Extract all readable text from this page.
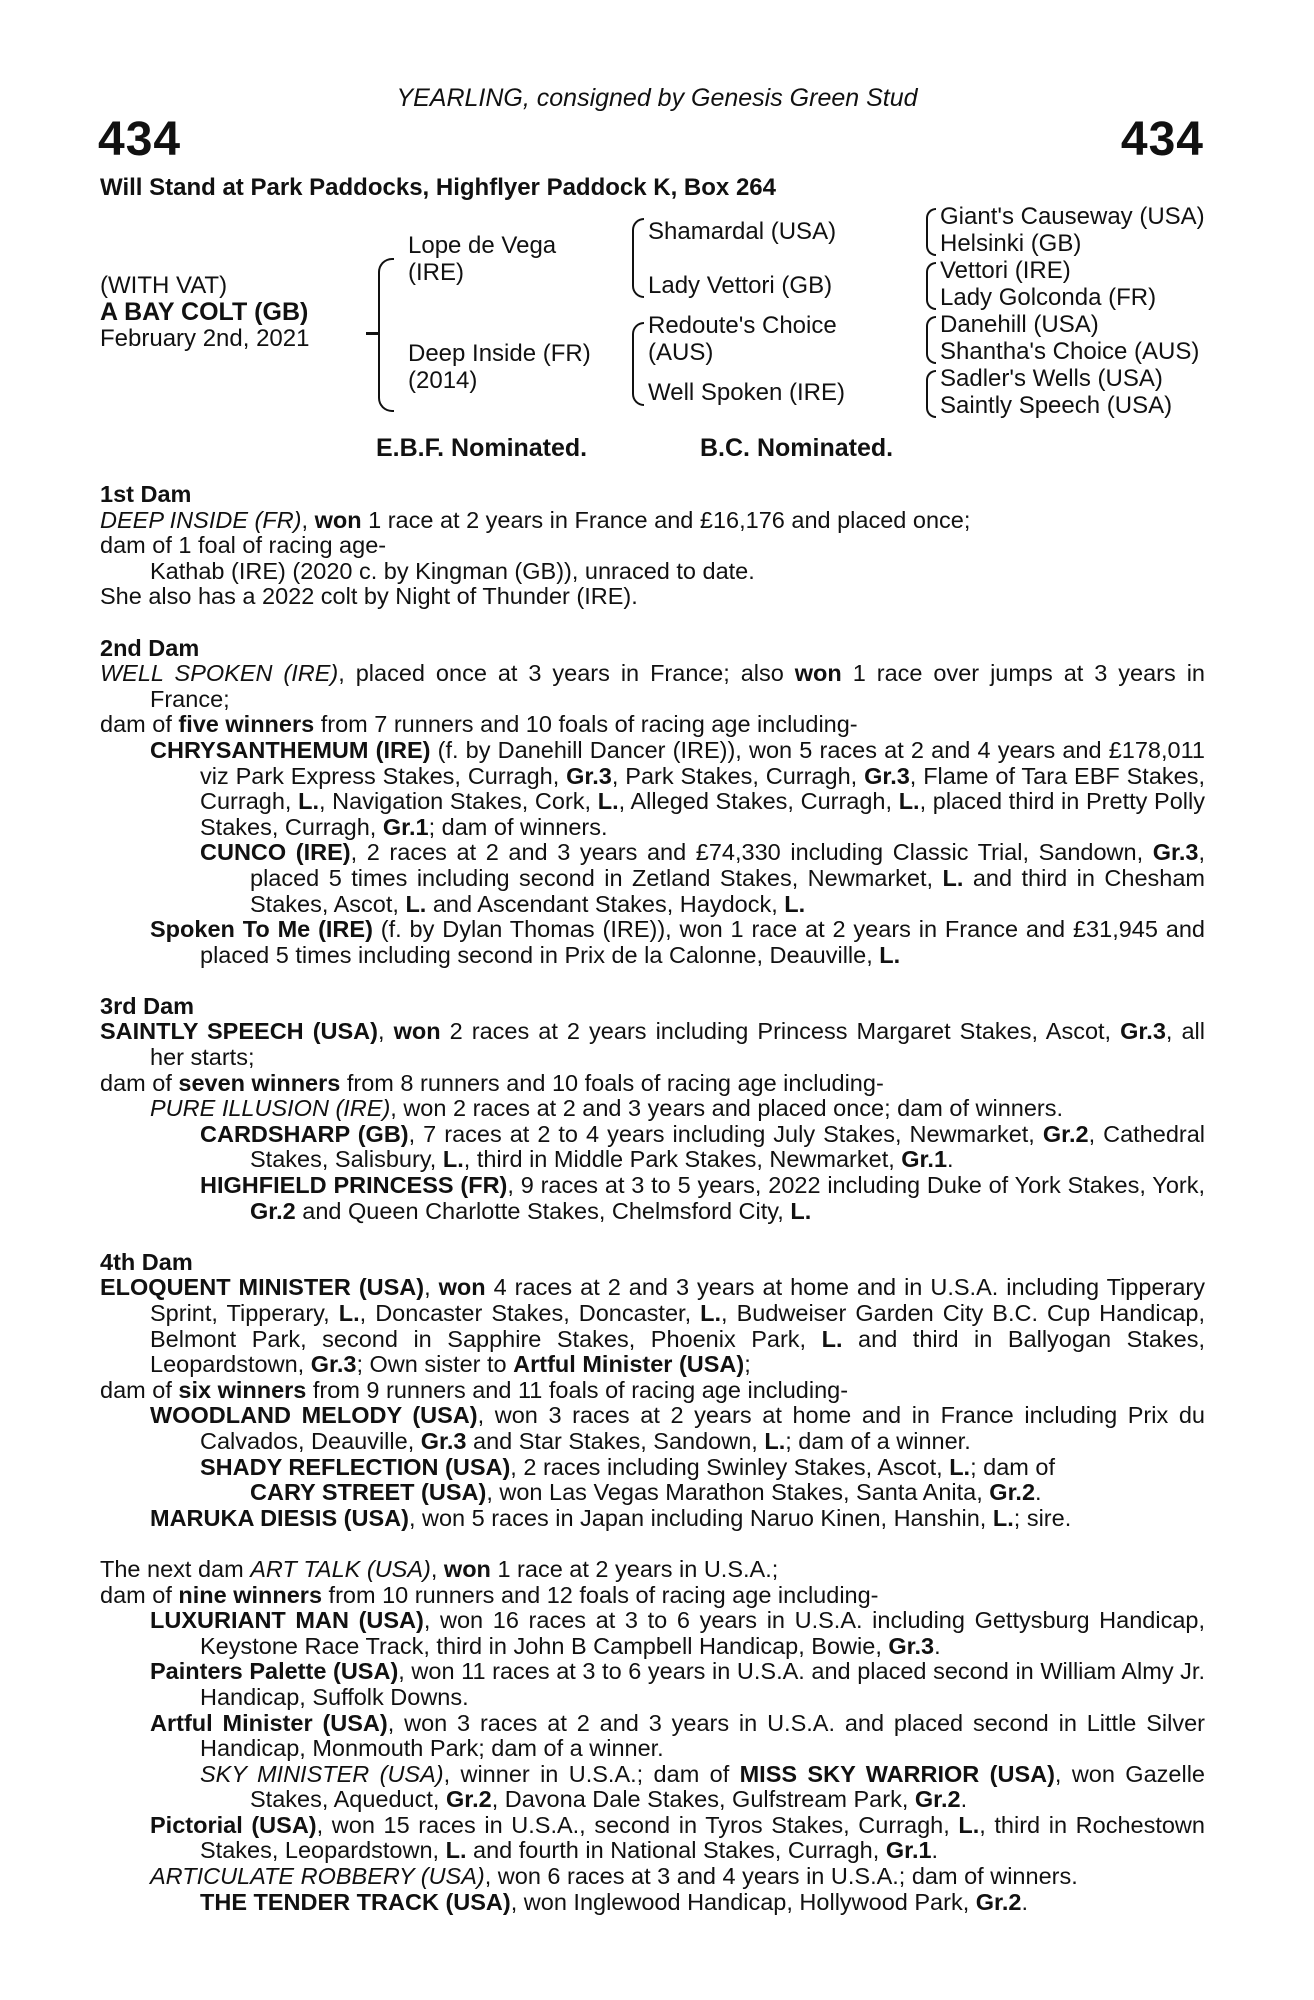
434	434
YEARLING, consigned by Genesis Green Stud
Will Stand at Park Paddocks, Highflyer Paddock K, Box 264
(WITH VAT)
A BAY COLT (GB)
February 2nd, 2021
Lope de Vega
(IRE)
Deep Inside (FR)
(2014)
Shamardal (USA)
Lady Vettori (GB)
Redoute's Choice
(AUS)
Well Spoken (IRE)
Giant's Causeway (USA)
Helsinki (GB)
Vettori (IRE)
Lady Golconda (FR)
Danehill (USA)
Shantha's Choice (AUS)
Sadler's Wells (USA)
Saintly Speech (USA)
E.B.F. Nominated.	B.C. Nominated.

1st Dam

DEEP INSIDE (FR), won 1 race at 2 years in France and £16,176 and placed once;

dam of 1 foal of racing age-

Kathab (IRE) (2020 c. by Kingman (GB)), unraced to date.

She also has a 2022 colt by Night of Thunder (IRE).

2nd Dam

WELL SPOKEN (IRE), placed once at 3 years in France; also won 1 race over jumps at 3 years in France;

dam of five winners from 7 runners and 10 foals of racing age including-

CHRYSANTHEMUM (IRE) (f. by Danehill Dancer (IRE)), won 5 races at 2 and 4 years and £178,011 viz Park Express Stakes, Curragh, Gr.3, Park Stakes, Curragh, Gr.3, Flame of Tara EBF Stakes, Curragh, L., Navigation Stakes, Cork, L., Alleged Stakes, Curragh, L., placed third in Pretty Polly Stakes, Curragh, Gr.1; dam of winners.

CUNCO (IRE), 2 races at 2 and 3 years and £74,330 including Classic Trial, Sandown, Gr.3, placed 5 times including second in Zetland Stakes, Newmarket, L. and third in Chesham Stakes, Ascot, L. and Ascendant Stakes, Haydock, L.

Spoken To Me (IRE) (f. by Dylan Thomas (IRE)), won 1 race at 2 years in France and £31,945 and placed 5 times including second in Prix de la Calonne, Deauville, L.

3rd Dam

SAINTLY SPEECH (USA), won 2 races at 2 years including Princess Margaret Stakes, Ascot, Gr.3, all her starts;

dam of seven winners from 8 runners and 10 foals of racing age including-

PURE ILLUSION (IRE), won 2 races at 2 and 3 years and placed once; dam of winners.

CARDSHARP (GB), 7 races at 2 to 4 years including July Stakes, Newmarket, Gr.2, Cathedral Stakes, Salisbury, L., third in Middle Park Stakes, Newmarket, Gr.1.

HIGHFIELD PRINCESS (FR), 9 races at 3 to 5 years, 2022 including Duke of York Stakes, York, Gr.2 and Queen Charlotte Stakes, Chelmsford City, L.

4th Dam

ELOQUENT MINISTER (USA), won 4 races at 2 and 3 years at home and in U.S.A. including Tipperary Sprint, Tipperary, L., Doncaster Stakes, Doncaster, L., Budweiser Garden City B.C. Cup Handicap, Belmont Park, second in Sapphire Stakes, Phoenix Park, L. and third in Ballyogan Stakes, Leopardstown, Gr.3; Own sister to Artful Minister (USA);

dam of six winners from 9 runners and 11 foals of racing age including-

WOODLAND MELODY (USA), won 3 races at 2 years at home and in France including Prix du Calvados, Deauville, Gr.3 and Star Stakes, Sandown, L.; dam of a winner.

SHADY REFLECTION (USA), 2 races including Swinley Stakes, Ascot, L.; dam of

CARY STREET (USA), won Las Vegas Marathon Stakes, Santa Anita, Gr.2.

MARUKA DIESIS (USA), won 5 races in Japan including Naruo Kinen, Hanshin, L.; sire.

The next dam ART TALK (USA), won 1 race at 2 years in U.S.A.;

dam of nine winners from 10 runners and 12 foals of racing age including-

LUXURIANT MAN (USA), won 16 races at 3 to 6 years in U.S.A. including Gettysburg Handicap, Keystone Race Track, third in John B Campbell Handicap, Bowie, Gr.3.

Painters Palette (USA), won 11 races at 3 to 6 years in U.S.A. and placed second in William Almy Jr. Handicap, Suffolk Downs.

Artful Minister (USA), won 3 races at 2 and 3 years in U.S.A. and placed second in Little Silver Handicap, Monmouth Park; dam of a winner.

SKY MINISTER (USA), winner in U.S.A.; dam of MISS SKY WARRIOR (USA), won Gazelle Stakes, Aqueduct, Gr.2, Davona Dale Stakes, Gulfstream Park, Gr.2.

Pictorial (USA), won 15 races in U.S.A., second in Tyros Stakes, Curragh, L., third in Rochestown Stakes, Leopardstown, L. and fourth in National Stakes, Curragh, Gr.1.

ARTICULATE ROBBERY (USA), won 6 races at 3 and 4 years in U.S.A.; dam of winners.

THE TENDER TRACK (USA), won Inglewood Handicap, Hollywood Park, Gr.2.
